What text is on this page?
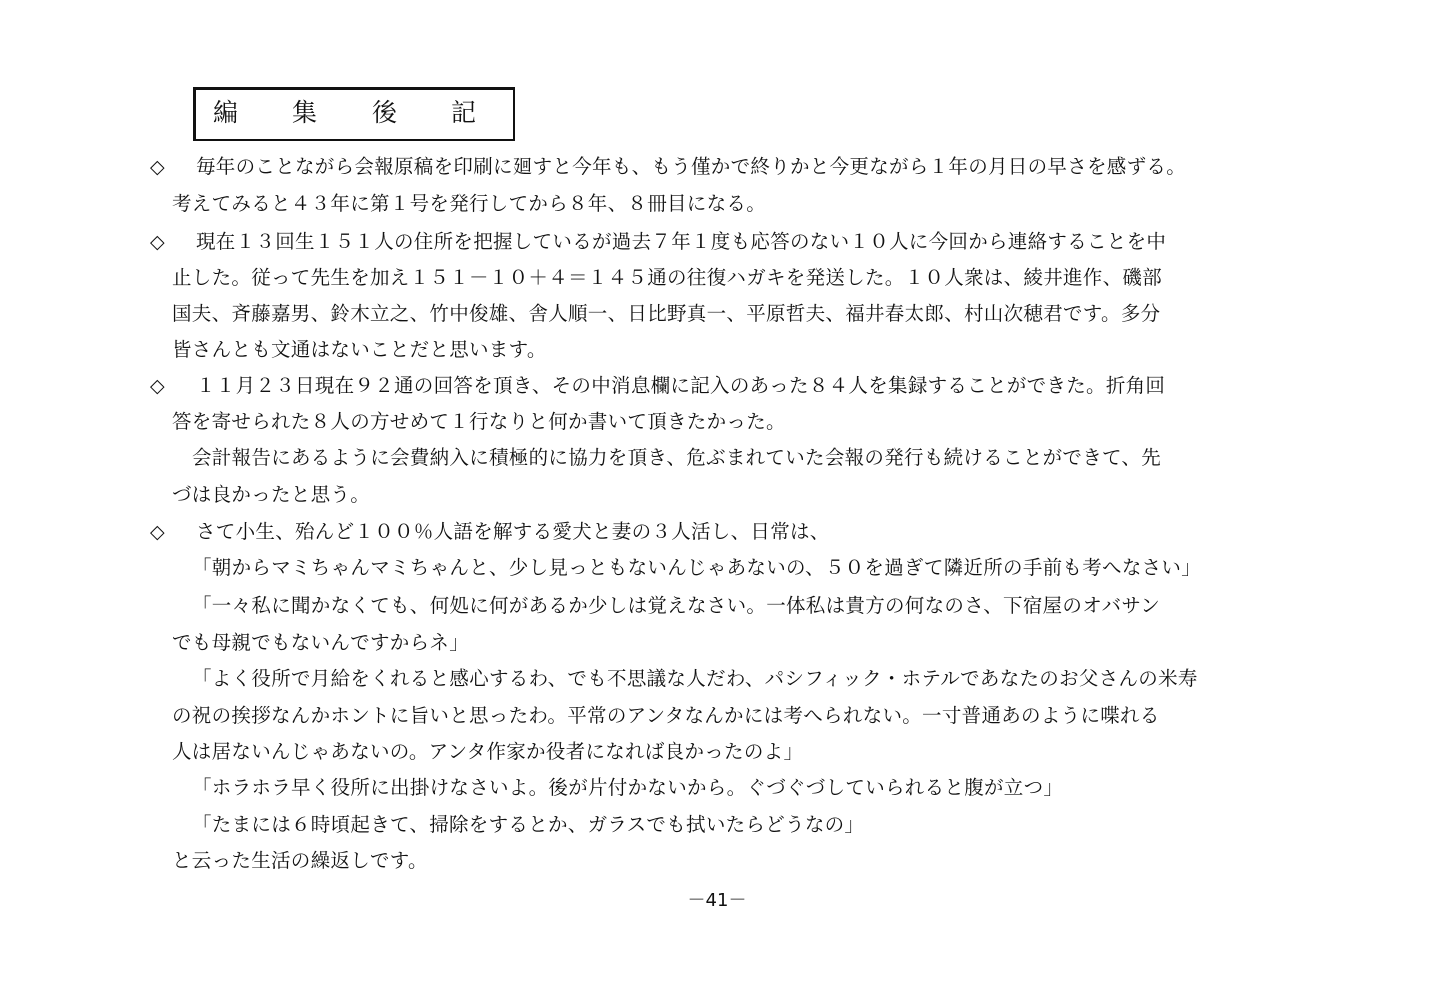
編 集 後 記
◇ 毎年のことながら会報原稿を印刷に廻すと今年も、もう僅かで終りかと今更ながら１年の月日の早さを感ずる。
考えてみると４３年に第１号を発行してから８年、８冊目になる。
◇ 現在１３回生１５１人の住所を把握しているが過去７年１度も応答のない１０人に今回から連絡することを中
止した。従って先生を加え１５１－１０＋４＝１４５通の往復ハガキを発送した。１０人衆は、綾井進作、磯部
国夫、斉藤嘉男、鈴木立之、竹中俊雄、舎人順一、日比野真一、平原哲夫、福井春太郎、村山次穂君です。多分
皆さんとも文通はないことだと思います。
◇ １１月２３日現在９２通の回答を頂き、その中消息欄に記入のあった８４人を集録することができた。折角回
答を寄せられた８人の方せめて１行なりと何か書いて頂きたかった。
会計報告にあるように会費納入に積極的に協力を頂き、危ぶまれていた会報の発行も続けることができて、先
づは良かったと思う。
◇ さて小生、殆んど１００％人語を解する愛犬と妻の３人活し、日常は、
「朝からマミちゃんマミちゃんと、少し見っともないんじゃあないの、５０を過ぎて隣近所の手前も考へなさい」
「一々私に聞かなくても、何処に何があるか少しは覚えなさい。一体私は貴方の何なのさ、下宿屋のオバサン
でも母親でもないんですからネ」
「よく役所で月給をくれると感心するわ、でも不思議な人だわ、パシフィック・ホテルであなたのお父さんの米寿
の祝の挨拶なんかホントに旨いと思ったわ。平常のアンタなんかには考へられない。一寸普通あのように喋れる
人は居ないんじゃあないの。アンタ作家か役者になれば良かったのよ」
「ホラホラ早く役所に出掛けなさいよ。後が片付かないから。ぐづぐづしていられると腹が立つ」
「たまには６時頃起きて、掃除をするとか、ガラスでも拭いたらどうなの」
と云った生活の繰返しです。
－41－
